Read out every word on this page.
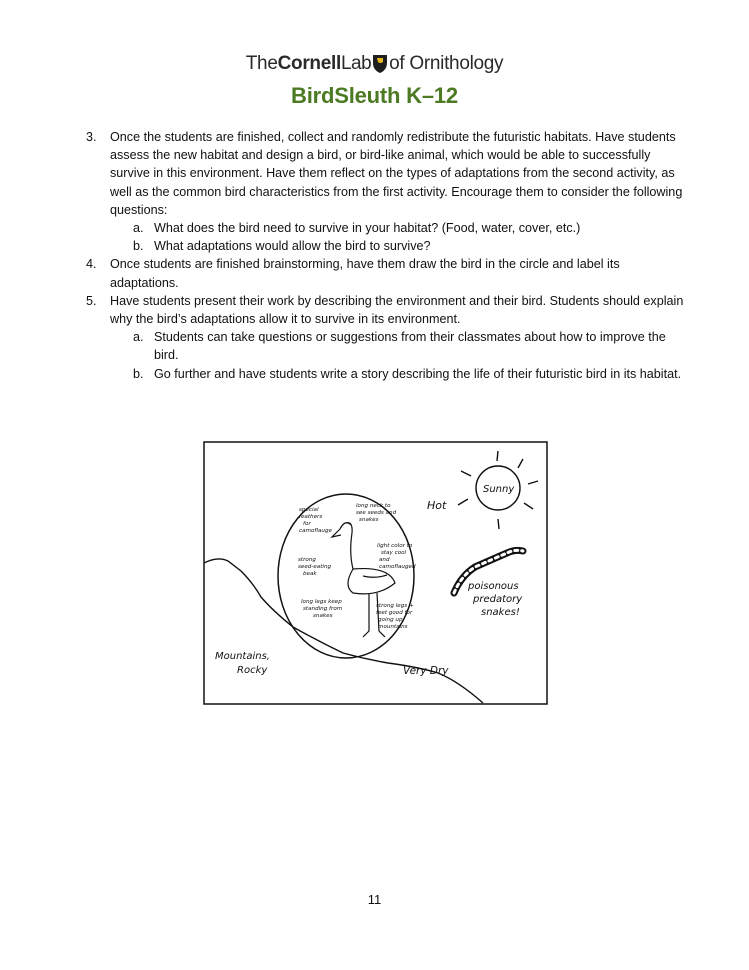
TheCornellLab of Ornithology
BirdSleuth K–12
3. Once the students are finished, collect and randomly redistribute the futuristic habitats. Have students assess the new habitat and design a bird, or bird-like animal, which would be able to successfully survive in this environment. Have them reflect on the types of adaptations from the second activity, as well as the common bird characteristics from the first activity. Encourage them to consider the following questions:

a. What does the bird need to survive in your habitat? (Food, water, cover, etc.)

b. What adaptations would allow the bird to survive?

4. Once students are finished brainstorming, have them draw the bird in the circle and label its adaptations.

5. Have students present their work by describing the environment and their bird. Students should explain why the bird’s adaptations allow it to survive in its environment.

a. Students can take questions or suggestions from their classmates about how to improve the bird.

b. Go further and have students write a story describing the life of their futuristic bird in its habitat.

Sunny
Hot
poisonous
predatory
snakes!
Mountains,
Rocky	Very Dry
special
feathers
for
camoflauge
long neck to
see seeds and
snakes
strong
seed-eating
beak
light color to
stay cool
and
camoflauged
long legs keep
standing from
snakes
strong legs +
feet good for
going up
mountains
11
